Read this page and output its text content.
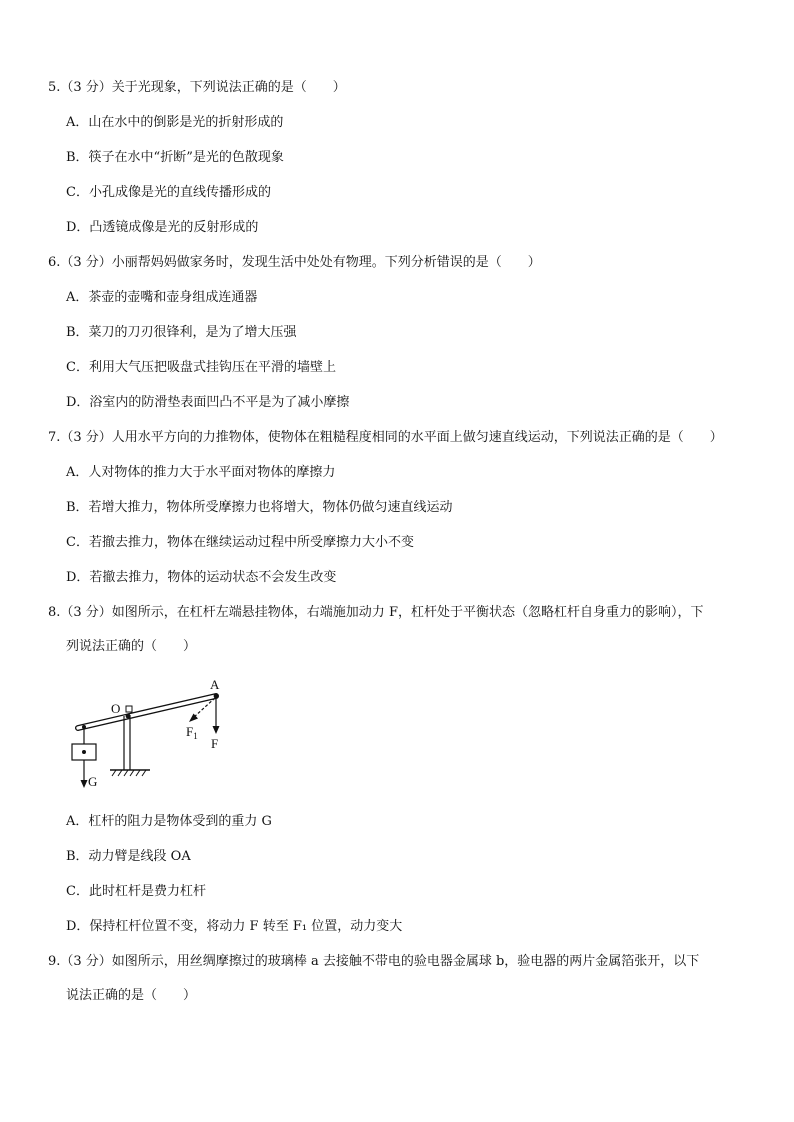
5.（3 分）关于光现象，下列说法正确的是（　　）
A．山在水中的倒影是光的折射形成的
B．筷子在水中“折断”是光的色散现象
C．小孔成像是光的直线传播形成的
D．凸透镜成像是光的反射形成的
6.（3 分）小丽帮妈妈做家务时，发现生活中处处有物理。下列分析错误的是（　　）
A．茶壶的壶嘴和壶身组成连通器
B．菜刀的刀刃很锋利，是为了增大压强
C．利用大气压把吸盘式挂钩压在平滑的墙壁上
D．浴室内的防滑垫表面凹凸不平是为了减小摩擦
7.（3 分）人用水平方向的力推物体，使物体在粗糙程度相同的水平面上做匀速直线运动，下列说法正确的是（　　）
A．人对物体的推力大于水平面对物体的摩擦力
B．若增大推力，物体所受摩擦力也将增大，物体仍做匀速直线运动
C．若撤去推力，物体在继续运动过程中所受摩擦力大小不变
D．若撤去推力，物体的运动状态不会发生改变
8.（3 分）如图所示，在杠杆左端悬挂物体，右端施加动力 F，杠杆处于平衡状态（忽略杠杆自身重力的影响），下
列说法正确的（　　）
A
O
$F_1$ F
G
A．杠杆的阻力是物体受到的重力 G
B．动力臂是线段 OA
C．此时杠杆是费力杠杆
D．保持杠杆位置不变，将动力 F 转至 F₁ 位置，动力变大
9.（3 分）如图所示，用丝绸摩擦过的玻璃棒 a 去接触不带电的验电器金属球 b，验电器的两片金属箔张开，以下
说法正确的是（　　）
